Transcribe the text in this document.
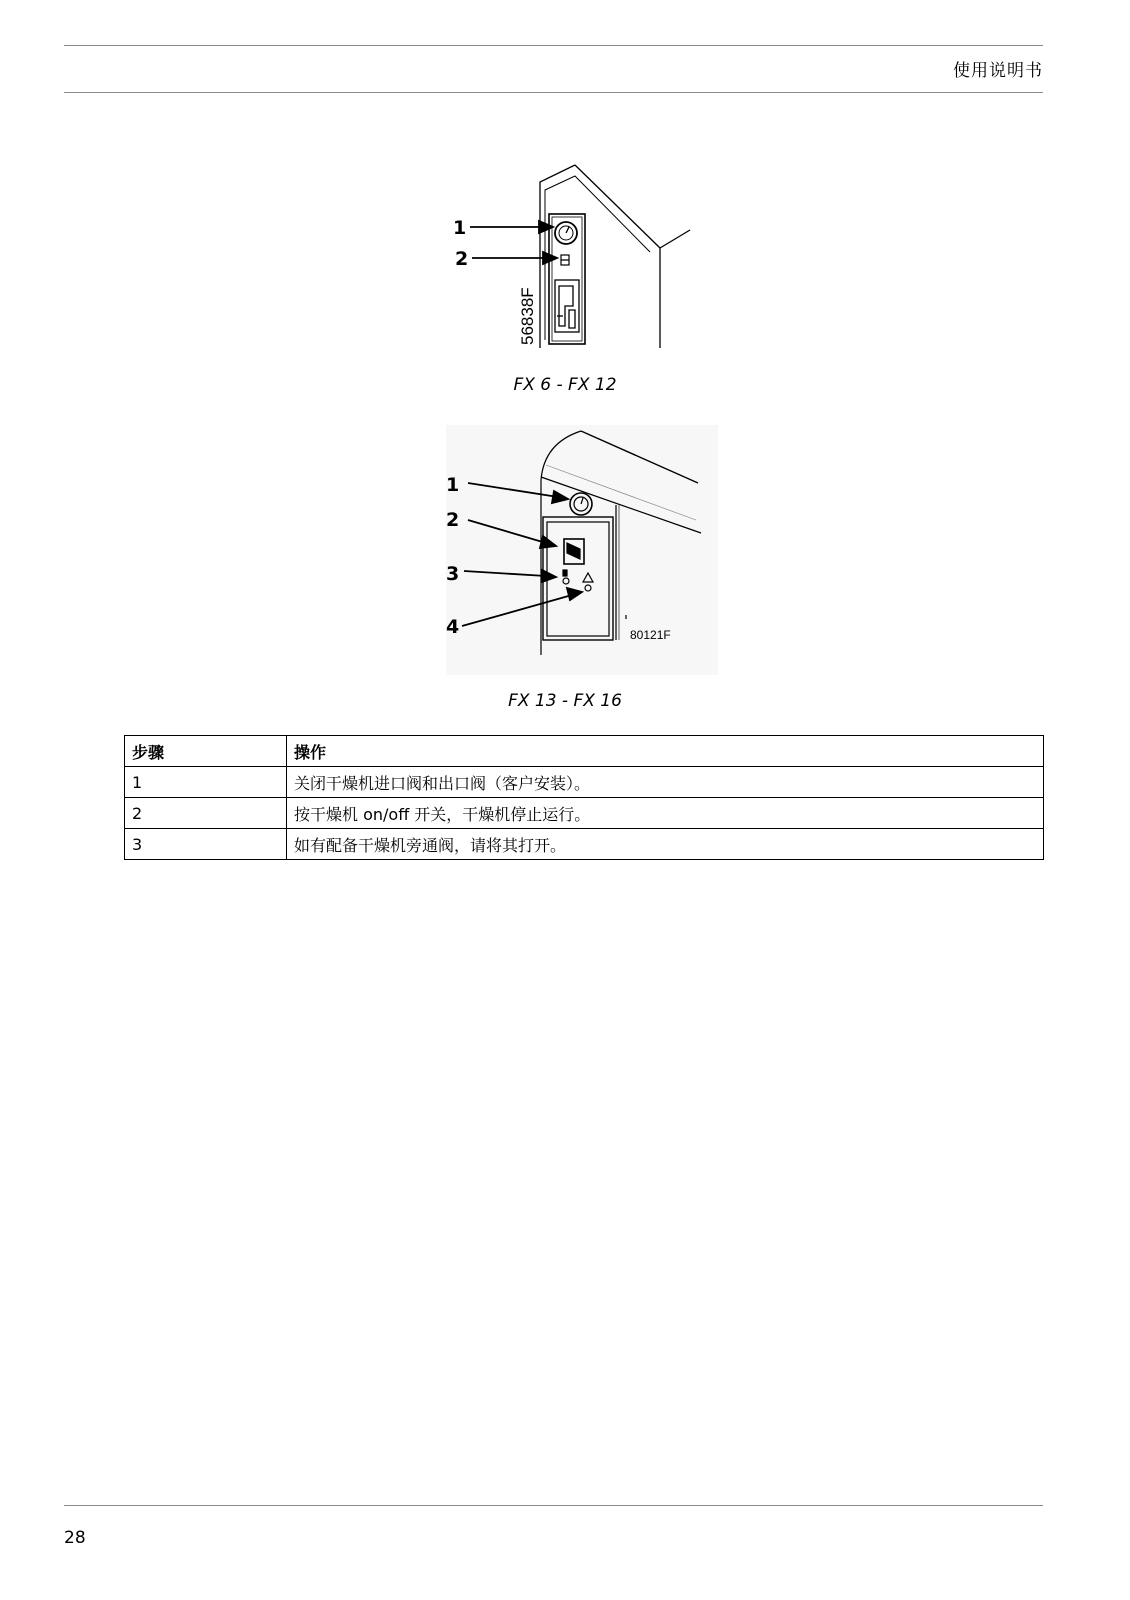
使用说明书
1
2
56838F
FX 6 - FX 12
1
2
3
4	80121F
FX 13 - FX 16
步骤	操作
1	关闭干燥机进口阀和出口阀（客户安装）。
2	按干燥机 on/off 开关，干燥机停止运行。
3	如有配备干燥机旁通阀，请将其打开。
28
